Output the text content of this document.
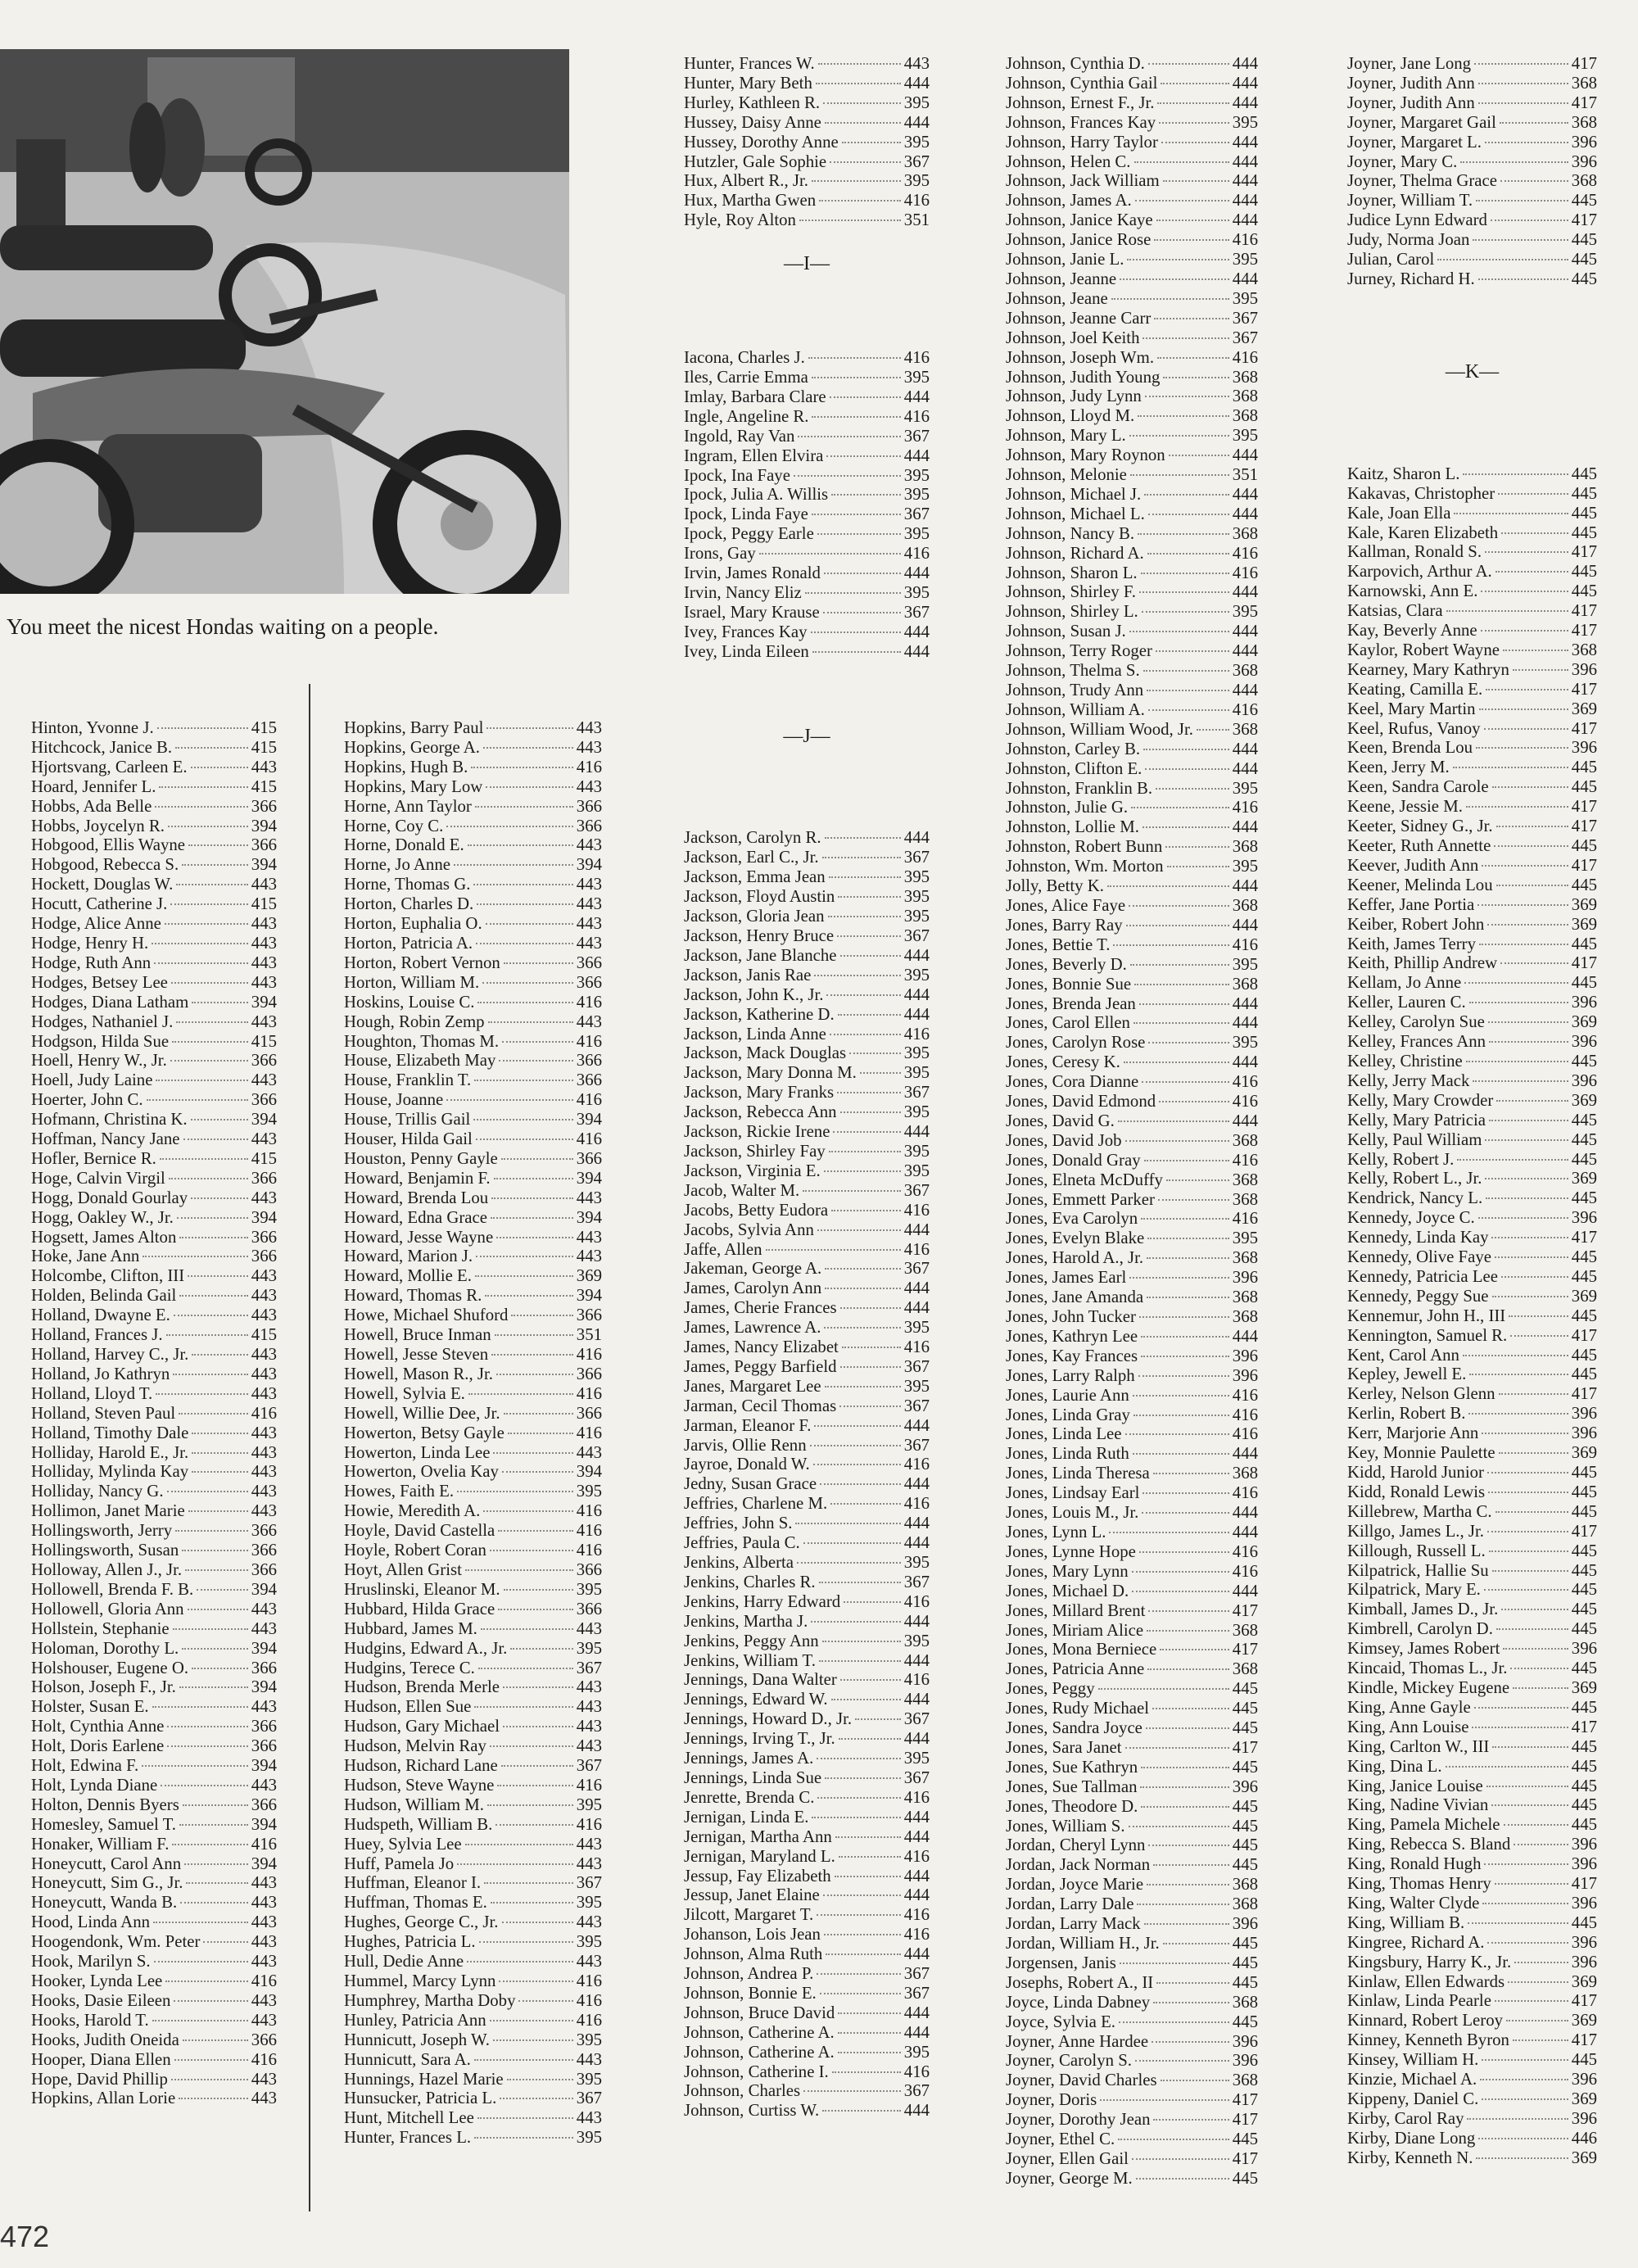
You meet the nicest Hondas waiting on a people.
Hinton, Yvonne J.	415
Hitchcock, Janice B.	415
Hjortsvang, Carleen E.	443
Hoard, Jennifer L.	415
Hobbs, Ada Belle	366
Hobbs, Joycelyn R.	394
Hobgood, Ellis Wayne	366
Hobgood, Rebecca S.	394
Hockett, Douglas W.	443
Hocutt, Catherine J.	415
Hodge, Alice Anne	443
Hodge, Henry H.	443
Hodge, Ruth Ann	443
Hodges, Betsey Lee	443
Hodges, Diana Latham	394
Hodges, Nathaniel J.	443
Hodgson, Hilda Sue	415
Hoell, Henry W., Jr.	366
Hoell, Judy Laine	443
Hoerter, John C.	366
Hofmann, Christina K.	394
Hoffman, Nancy Jane	443
Hofler, Bernice R.	415
Hoge, Calvin Virgil	366
Hogg, Donald Gourlay	443
Hogg, Oakley W., Jr.	394
Hogsett, James Alton	366
Hoke, Jane Ann	366
Holcombe, Clifton, III	443
Holden, Belinda Gail	443
Holland, Dwayne E.	443
Holland, Frances J.	415
Holland, Harvey C., Jr.	443
Holland, Jo Kathryn	443
Holland, Lloyd T.	443
Holland, Steven Paul	416
Holland, Timothy Dale	443
Holliday, Harold E., Jr.	443
Holliday, Mylinda Kay	443
Holliday, Nancy G.	443
Hollimon, Janet Marie	443
Hollingsworth, Jerry	366
Hollingsworth, Susan	366
Holloway, Allen J., Jr.	366
Hollowell, Brenda F. B.	394
Hollowell, Gloria Ann	443
Hollstein, Stephanie	443
Holoman, Dorothy L.	394
Holshouser, Eugene O.	366
Holson, Joseph F., Jr.	394
Holster, Susan E.	443
Holt, Cynthia Anne	366
Holt, Doris Earlene	366
Holt, Edwina F.	394
Holt, Lynda Diane	443
Holton, Dennis Byers	366
Homesley, Samuel T.	394
Honaker, William F.	416
Honeycutt, Carol Ann	394
Honeycutt, Sim G., Jr.	443
Honeycutt, Wanda B.	443
Hood, Linda Ann	443
Hoogendonk, Wm. Peter	443
Hook, Marilyn S.	443
Hooker, Lynda Lee	416
Hooks, Dasie Eileen	443
Hooks, Harold T.	443
Hooks, Judith Oneida	366
Hooper, Diana Ellen	416
Hope, David Phillip	443
Hopkins, Allan Lorie	443
Hopkins, Barry Paul	443
Hopkins, George A.	443
Hopkins, Hugh B.	416
Hopkins, Mary Low	443
Horne, Ann Taylor	366
Horne, Coy C.	366
Horne, Donald E.	443
Horne, Jo Anne	394
Horne, Thomas G.	443
Horton, Charles D.	443
Horton, Euphalia O.	443
Horton, Patricia A.	443
Horton, Robert Vernon	366
Horton, William M.	366
Hoskins, Louise C.	416
Hough, Robin Zemp	443
Houghton, Thomas M.	416
House, Elizabeth May	366
House, Franklin T.	366
House, Joanne	416
House, Trillis Gail	394
Houser, Hilda Gail	416
Houston, Penny Gayle	366
Howard, Benjamin F.	394
Howard, Brenda Lou	443
Howard, Edna Grace	394
Howard, Jesse Wayne	443
Howard, Marion J.	443
Howard, Mollie E.	369
Howard, Thomas R.	394
Howe, Michael Shuford	366
Howell, Bruce Inman	351
Howell, Jesse Steven	416
Howell, Mason R., Jr.	366
Howell, Sylvia E.	416
Howell, Willie Dee, Jr.	366
Howerton, Betsy Gayle	416
Howerton, Linda Lee	443
Howerton, Ovelia Kay	394
Howes, Faith E.	395
Howie, Meredith A.	416
Hoyle, David Castella	416
Hoyle, Robert Coran	416
Hoyt, Allen Grist	366
Hruslinski, Eleanor M.	395
Hubbard, Hilda Grace	366
Hubbard, James M.	443
Hudgins, Edward A., Jr.	395
Hudgins, Terece C.	367
Hudson, Brenda Merle	443
Hudson, Ellen Sue	443
Hudson, Gary Michael	443
Hudson, Melvin Ray	443
Hudson, Richard Lane	367
Hudson, Steve Wayne	416
Hudson, William M.	395
Hudspeth, William B.	416
Huey, Sylvia Lee	443
Huff, Pamela Jo	443
Huffman, Eleanor I.	367
Huffman, Thomas E.	395
Hughes, George C., Jr.	443
Hughes, Patricia L.	395
Hull, Dedie Anne	443
Hummel, Marcy Lynn	416
Humphrey, Martha Doby	416
Hunley, Patricia Ann	416
Hunnicutt, Joseph W.	395
Hunnicutt, Sara A.	443
Hunnings, Hazel Marie	395
Hunsucker, Patricia L.	367
Hunt, Mitchell Lee	443
Hunter, Frances L.	395
Hunter, Frances W.	443
Hunter, Mary Beth	444
Hurley, Kathleen R.	395
Hussey, Daisy Anne	444
Hussey, Dorothy Anne	395
Hutzler, Gale Sophie	367
Hux, Albert R., Jr.	395
Hux, Martha Gwen	416
Hyle, Roy Alton	351
—I—
Iacona, Charles J.	416
Iles, Carrie Emma	395
Imlay, Barbara Clare	444
Ingle, Angeline R.	416
Ingold, Ray Van	367
Ingram, Ellen Elvira	444
Ipock, Ina Faye	395
Ipock, Julia A. Willis	395
Ipock, Linda Faye	367
Ipock, Peggy Earle	395
Irons, Gay	416
Irvin, James Ronald	444
Irvin, Nancy Eliz	395
Israel, Mary Krause	367
Ivey, Frances Kay	444
Ivey, Linda Eileen	444
—J—
Jackson, Carolyn R.	444
Jackson, Earl C., Jr.	367
Jackson, Emma Jean	395
Jackson, Floyd Austin	395
Jackson, Gloria Jean	395
Jackson, Henry Bruce	367
Jackson, Jane Blanche	444
Jackson, Janis Rae	395
Jackson, John K., Jr.	444
Jackson, Katherine D.	444
Jackson, Linda Anne	416
Jackson, Mack Douglas	395
Jackson, Mary Donna M.	395
Jackson, Mary Franks	367
Jackson, Rebecca Ann	395
Jackson, Rickie Irene	444
Jackson, Shirley Fay	395
Jackson, Virginia E.	395
Jacob, Walter M.	367
Jacobs, Betty Eudora	416
Jacobs, Sylvia Ann	444
Jaffe, Allen	416
Jakeman, George A.	367
James, Carolyn Ann	444
James, Cherie Frances	444
James, Lawrence A.	395
James, Nancy Elizabet	416
James, Peggy Barfield	367
Janes, Margaret Lee	395
Jarman, Cecil Thomas	367
Jarman, Eleanor F.	444
Jarvis, Ollie Renn	367
Jayroe, Donald W.	416
Jedny, Susan Grace	444
Jeffries, Charlene M.	416
Jeffries, John S.	444
Jeffries, Paula C.	444
Jenkins, Alberta	395
Jenkins, Charles R.	367
Jenkins, Harry Edward	416
Jenkins, Martha J.	444
Jenkins, Peggy Ann	395
Jenkins, William T.	444
Jennings, Dana Walter	416
Jennings, Edward W.	444
Jennings, Howard D., Jr.	367
Jennings, Irving T., Jr.	444
Jennings, James A.	395
Jennings, Linda Sue	367
Jenrette, Brenda C.	416
Jernigan, Linda E.	444
Jernigan, Martha Ann	444
Jernigan, Maryland L.	416
Jessup, Fay Elizabeth	444
Jessup, Janet Elaine	444
Jilcott, Margaret T.	416
Johanson, Lois Jean	416
Johnson, Alma Ruth	444
Johnson, Andrea P.	367
Johnson, Bonnie E.	367
Johnson, Bruce David	444
Johnson, Catherine A.	444
Johnson, Catherine A.	395
Johnson, Catherine I.	416
Johnson, Charles	367
Johnson, Curtiss W.	444
Johnson, Cynthia D.	444
Johnson, Cynthia Gail	444
Johnson, Ernest F., Jr.	444
Johnson, Frances Kay	395
Johnson, Harry Taylor	444
Johnson, Helen C.	444
Johnson, Jack William	444
Johnson, James A.	444
Johnson, Janice Kaye	444
Johnson, Janice Rose	416
Johnson, Janie L.	395
Johnson, Jeanne	444
Johnson, Jeane	395
Johnson, Jeanne Carr	367
Johnson, Joel Keith	367
Johnson, Joseph Wm.	416
Johnson, Judith Young	368
Johnson, Judy Lynn	368
Johnson, Lloyd M.	368
Johnson, Mary L.	395
Johnson, Mary Roynon	444
Johnson, Melonie	351
Johnson, Michael J.	444
Johnson, Michael L.	444
Johnson, Nancy B.	368
Johnson, Richard A.	416
Johnson, Sharon L.	416
Johnson, Shirley F.	444
Johnson, Shirley L.	395
Johnson, Susan J.	444
Johnson, Terry Roger	444
Johnson, Thelma S.	368
Johnson, Trudy Ann	444
Johnson, William A.	416
Johnson, William Wood, Jr. 368
Johnston, Carley B.	444
Johnston, Clifton E.	444
Johnston, Franklin B.	395
Johnston, Julie G.	416
Johnston, Lollie M.	444
Johnston, Robert Bunn	368
Johnston, Wm. Morton	395
Jolly, Betty K.	444
Jones, Alice Faye	368
Jones, Barry Ray	444
Jones, Bettie T.	416
Jones, Beverly D.	395
Jones, Bonnie Sue	368
Jones, Brenda Jean	444
Jones, Carol Ellen	444
Jones, Carolyn Rose	395
Jones, Ceresy K.	444
Jones, Cora Dianne	416
Jones, David Edmond	416
Jones, David G.	444
Jones, David Job	368
Jones, Donald Gray	416
Jones, Elneta McDuffy	368
Jones, Emmett Parker	368
Jones, Eva Carolyn	416
Jones, Evelyn Blake	395
Jones, Harold A., Jr.	368
Jones, James Earl	396
Jones, Jane Amanda	368
Jones, John Tucker	368
Jones, Kathryn Lee	444
Jones, Kay Frances	396
Jones, Larry Ralph	396
Jones, Laurie Ann	416
Jones, Linda Gray	416
Jones, Linda Lee	416
Jones, Linda Ruth	444
Jones, Linda Theresa	368
Jones, Lindsay Earl	416
Jones, Louis M., Jr.	444
Jones, Lynn L.	444
Jones, Lynne Hope	416
Jones, Mary Lynn	416
Jones, Michael D.	444
Jones, Millard Brent	417
Jones, Miriam Alice	368
Jones, Mona Berniece	417
Jones, Patricia Anne	368
Jones, Peggy	445
Jones, Rudy Michael	445
Jones, Sandra Joyce	445
Jones, Sara Janet	417
Jones, Sue Kathryn	445
Jones, Sue Tallman	396
Jones, Theodore D.	445
Jones, William S.	445
Jordan, Cheryl Lynn	445
Jordan, Jack Norman	445
Jordan, Joyce Marie	368
Jordan, Larry Dale	368
Jordan, Larry Mack	396
Jordan, William H., Jr.	445
Jorgensen, Janis	445
Josephs, Robert A., II	445
Joyce, Linda Dabney	368
Joyce, Sylvia E.	445
Joyner, Anne Hardee	396
Joyner, Carolyn S.	396
Joyner, David Charles	368
Joyner, Doris	417
Joyner, Dorothy Jean	417
Joyner, Ethel C.	445
Joyner, Ellen Gail	417
Joyner, George M.	445
Joyner, Jane Long	417
Joyner, Judith Ann	368
Joyner, Judith Ann	417
Joyner, Margaret Gail	368
Joyner, Margaret L.	396
Joyner, Mary C.	396
Joyner, Thelma Grace	368
Joyner, William T.	445
Judice Lynn Edward	417
Judy, Norma Joan	445
Julian, Carol	445
Jurney, Richard H.	445
—K—
Kaitz, Sharon L.	445
Kakavas, Christopher	445
Kale, Joan Ella	445
Kale, Karen Elizabeth	445
Kallman, Ronald S.	417
Karpovich, Arthur A.	445
Karnowski, Ann E.	445
Katsias, Clara	417
Kay, Beverly Anne	417
Kaylor, Robert Wayne	368
Kearney, Mary Kathryn	396
Keating, Camilla E.	417
Keel, Mary Martin	369
Keel, Rufus, Vanoy	417
Keen, Brenda Lou	396
Keen, Jerry M.	445
Keen, Sandra Carole	445
Keene, Jessie M.	417
Keeter, Sidney G., Jr.	417
Keeter, Ruth Annette	445
Keever, Judith Ann	417
Keener, Melinda Lou	445
Keffer, Jane Portia	369
Keiber, Robert John	369
Keith, James Terry	445
Keith, Phillip Andrew	417
Kellam, Jo Anne	445
Keller, Lauren C.	396
Kelley, Carolyn Sue	369
Kelley, Frances Ann	396
Kelley, Christine	445
Kelly, Jerry Mack	396
Kelly, Mary Crowder	369
Kelly, Mary Patricia	445
Kelly, Paul William	445
Kelly, Robert J.	445
Kelly, Robert L., Jr.	369
Kendrick, Nancy L.	445
Kennedy, Joyce C.	396
Kennedy, Linda Kay	417
Kennedy, Olive Faye	445
Kennedy, Patricia Lee	445
Kennedy, Peggy Sue	369
Kennemur, John H., III	445
Kennington, Samuel R.	417
Kent, Carol Ann	445
Kepley, Jewell E.	445
Kerley, Nelson Glenn	417
Kerlin, Robert B.	396
Kerr, Marjorie Ann	396
Key, Monnie Paulette	369
Kidd, Harold Junior	445
Kidd, Ronald Lewis	445
Killebrew, Martha C.	445
Killgo, James L., Jr.	417
Killough, Russell L.	445
Kilpatrick, Hallie Su	445
Kilpatrick, Mary E.	445
Kimball, James D., Jr.	445
Kimbrell, Carolyn D.	445
Kimsey, James Robert	396
Kincaid, Thomas L., Jr.	445
Kindle, Mickey Eugene	369
King, Anne Gayle	445
King, Ann Louise	417
King, Carlton W., III	445
King, Dina L.	445
King, Janice Louise	445
King, Nadine Vivian	445
King, Pamela Michele	445
King, Rebecca S. Bland	396
King, Ronald Hugh	396
King, Thomas Henry	417
King, Walter Clyde	396
King, William B.	445
Kingree, Richard A.	396
Kingsbury, Harry K., Jr.	396
Kinlaw, Ellen Edwards	369
Kinlaw, Linda Pearle	417
Kinnard, Robert Leroy	369
Kinney, Kenneth Byron	417
Kinsey, William H.	445
Kinzie, Michael A.	396
Kippeny, Daniel C.	369
Kirby, Carol Ray	396
Kirby, Diane Long	446
Kirby, Kenneth N.	369
472
